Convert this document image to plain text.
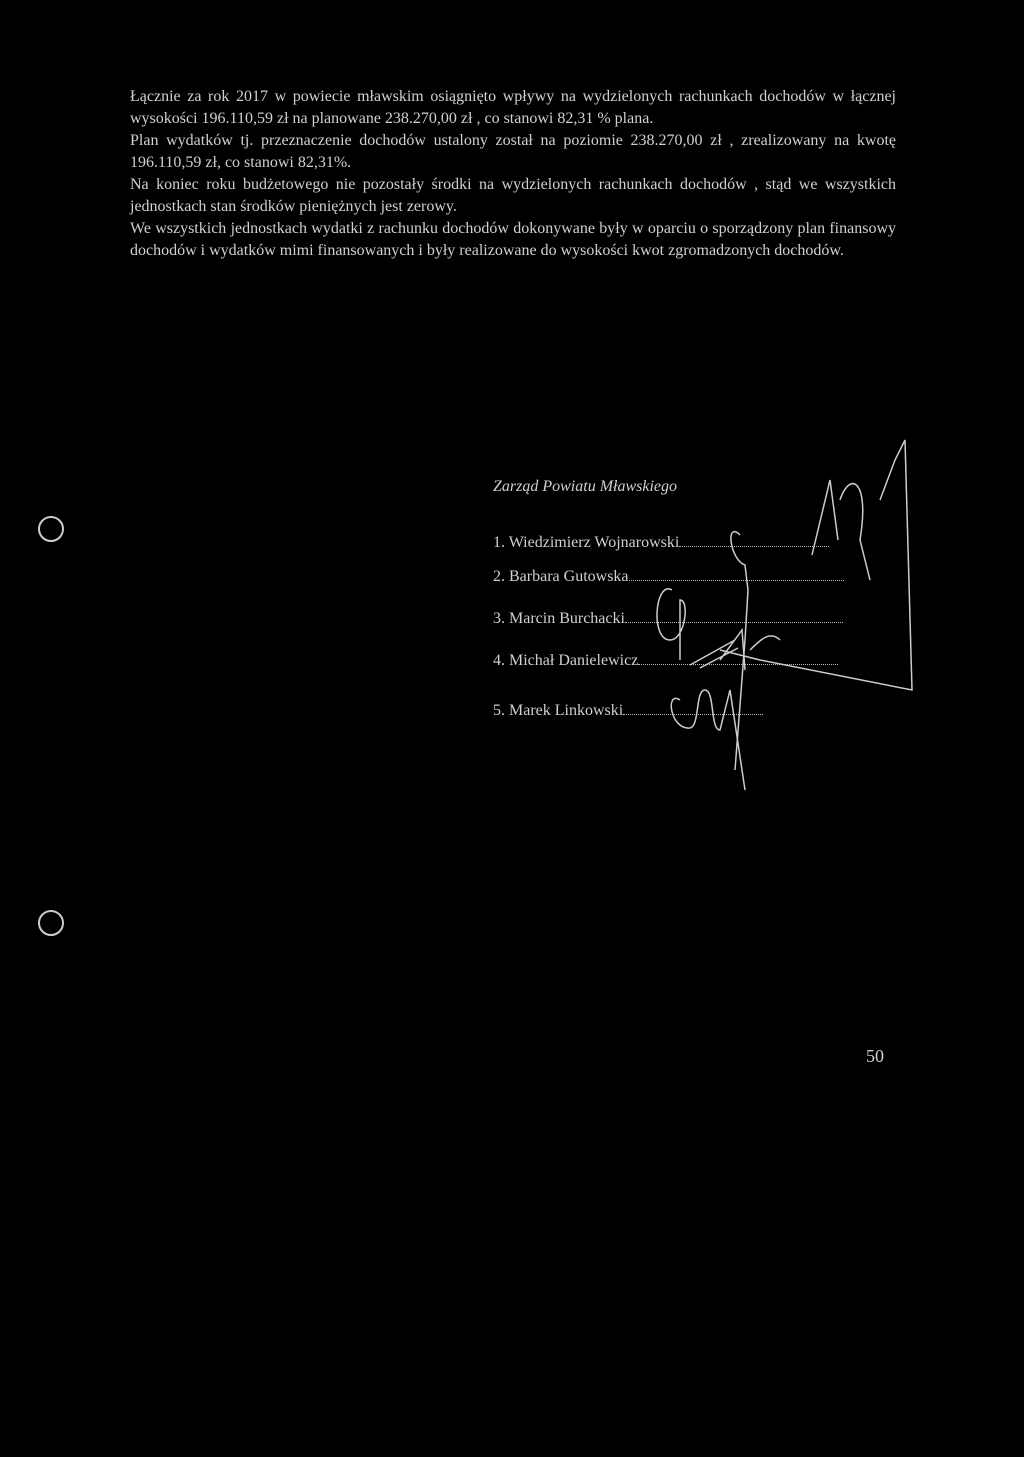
Łącznie za rok 2017 w powiecie mławskim osiągnięto wpływy na wydzielonych rachunkach dochodów w łącznej wysokości 196.110,59 zł na planowane 238.270,00 zł , co stanowi 82,31 % plana.

Plan wydatków tj. przeznaczenie dochodów ustalony został na poziomie 238.270,00 zł , zrealizowany na kwotę 196.110,59 zł, co stanowi 82,31%.

Na koniec roku budżetowego nie pozostały środki na wydzielonych rachunkach dochodów , stąd we wszystkich jednostkach stan środków pieniężnych jest zerowy.

We wszystkich jednostkach wydatki z rachunku dochodów dokonywane były w oparciu o sporządzony plan finansowy dochodów i wydatków mimi finansowanych i były realizowane do wysokości kwot zgromadzonych dochodów.

Zarząd Powiatu Mławskiego
1. Wiedzimierz Wojnarowski
2. Barbara Gutowska
3. Marcin Burchacki
4. Michał Danielewicz
5. Marek Linkowski
50
